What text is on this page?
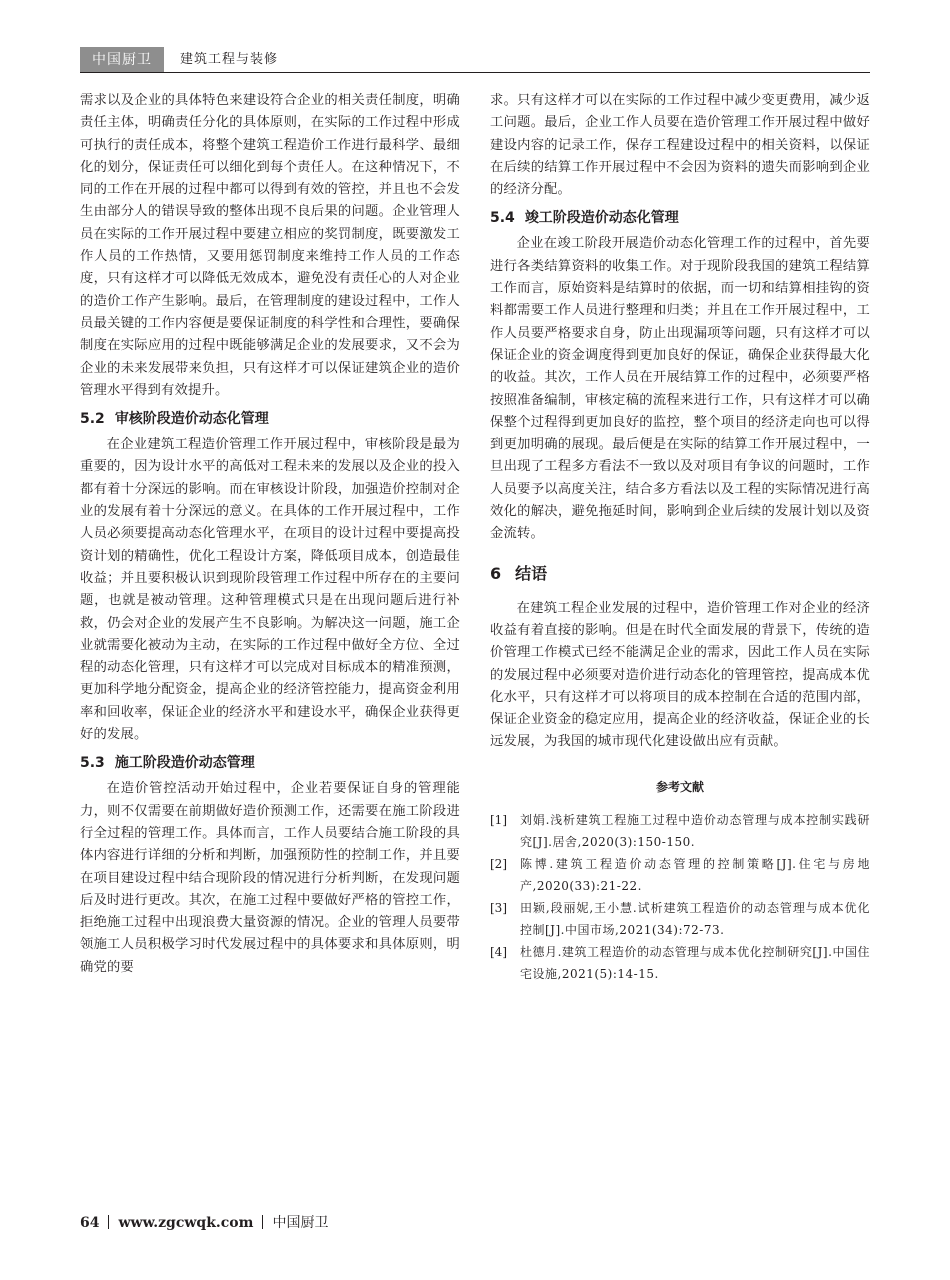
中国厨卫	建筑工程与装修

需求以及企业的具体特色来建设符合企业的相关责任制度，明确责任主体，明确责任分化的具体原则，在实际的工作过程中形成可执行的责任成本，将整个建筑工程造价工作进行最科学、最细化的划分，保证责任可以细化到每个责任人。在这种情况下，不同的工作在开展的过程中都可以得到有效的管控，并且也不会发生由部分人的错误导致的整体出现不良后果的问题。企业管理人员在实际的工作开展过程中要建立相应的奖罚制度，既要激发工作人员的工作热情，又要用惩罚制度来维持工作人员的工作态度，只有这样才可以降低无效成本，避免没有责任心的人对企业的造价工作产生影响。最后，在管理制度的建设过程中，工作人员最关键的工作内容便是要保证制度的科学性和合理性，要确保制度在实际应用的过程中既能够满足企业的发展要求，又不会为企业的未来发展带来负担，只有这样才可以保证建筑企业的造价管理水平得到有效提升。

5.2 审核阶段造价动态化管理

在企业建筑工程造价管理工作开展过程中，审核阶段是最为重要的，因为设计水平的高低对工程未来的发展以及企业的投入都有着十分深远的影响。而在审核设计阶段，加强造价控制对企业的发展有着十分深远的意义。在具体的工作开展过程中，工作人员必须要提高动态化管理水平，在项目的设计过程中要提高投资计划的精确性，优化工程设计方案，降低项目成本，创造最佳收益；并且要积极认识到现阶段管理工作过程中所存在的主要问题，也就是被动管理。这种管理模式只是在出现问题后进行补救，仍会对企业的发展产生不良影响。为解决这一问题，施工企业就需要化被动为主动，在实际的工作过程中做好全方位、全过程的动态化管理，只有这样才可以完成对目标成本的精准预测，更加科学地分配资金，提高企业的经济管控能力，提高资金利用率和回收率，保证企业的经济水平和建设水平，确保企业获得更好的发展。

5.3 施工阶段造价动态管理

在造价管控活动开始过程中，企业若要保证自身的管理能力，则不仅需要在前期做好造价预测工作，还需要在施工阶段进行全过程的管理工作。具体而言，工作人员要结合施工阶段的具体内容进行详细的分析和判断，加强预防性的控制工作，并且要在项目建设过程中结合现阶段的情况进行分析判断，在发现问题后及时进行更改。其次，在施工过程中要做好严格的管控工作，拒绝施工过程中出现浪费大量资源的情况。企业的管理人员要带领施工人员积极学习时代发展过程中的具体要求和具体原则，明确党的要

求。只有这样才可以在实际的工作过程中减少变更费用，减少返工问题。最后，企业工作人员要在造价管理工作开展过程中做好建设内容的记录工作，保存工程建设过程中的相关资料，以保证在后续的结算工作开展过程中不会因为资料的遗失而影响到企业的经济分配。

5.4 竣工阶段造价动态化管理

企业在竣工阶段开展造价动态化管理工作的过程中，首先要进行各类结算资料的收集工作。对于现阶段我国的建筑工程结算工作而言，原始资料是结算时的依据，而一切和结算相挂钩的资料都需要工作人员进行整理和归类；并且在工作开展过程中，工作人员要严格要求自身，防止出现漏项等问题，只有这样才可以保证企业的资金调度得到更加良好的保证，确保企业获得最大化的收益。其次，工作人员在开展结算工作的过程中，必须要严格按照准备编制，审核定稿的流程来进行工作，只有这样才可以确保整个过程得到更加良好的监控，整个项目的经济走向也可以得到更加明确的展现。最后便是在实际的结算工作开展过程中，一旦出现了工程多方看法不一致以及对项目有争议的问题时，工作人员要予以高度关注，结合多方看法以及工程的实际情况进行高效化的解决，避免拖延时间，影响到企业后续的发展计划以及资金流转。

6 结语

在建筑工程企业发展的过程中，造价管理工作对企业的经济收益有着直接的影响。但是在时代全面发展的背景下，传统的造价管理工作模式已经不能满足企业的需求，因此工作人员在实际的发展过程中必须要对造价进行动态化的管理管控，提高成本优化水平，只有这样才可以将项目的成本控制在合适的范围内部，保证企业资金的稳定应用，提高企业的经济收益，保证企业的长远发展，为我国的城市现代化建设做出应有贡献。

参考文献
[1]	刘娟.浅析建筑工程施工过程中造价动态管理与成本控制实践研究[J].居舍,2020(3):150-150.
[2]	陈博.建筑工程造价动态管理的控制策略[J].住宅与房地产,2020(33):21-22.
[3]	田颖,段丽妮,王小慧.试析建筑工程造价的动态管理与成本优化控制[J].中国市场,2021(34):72-73.
[4]	杜德月.建筑工程造价的动态管理与成本优化控制研究[J].中国住宅设施,2021(5):14-15.
64 www.zgcwqk.com 中国厨卫
